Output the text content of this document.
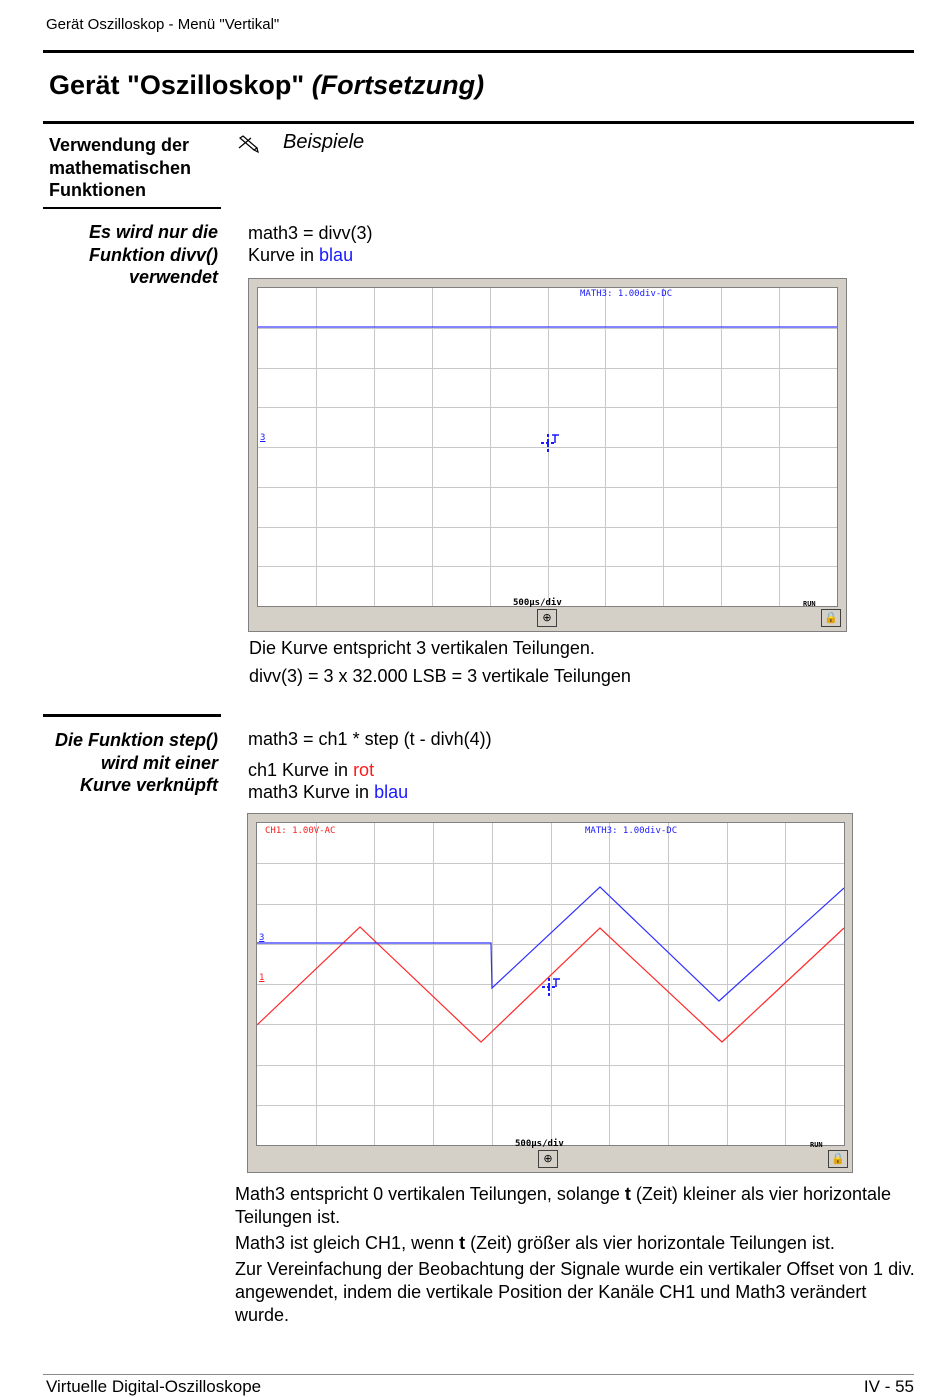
Gerät Oszilloskop - Menü "Vertikal"
Gerät "Oszilloskop" (Fortsetzung)
Verwendung der mathematischen Funktionen
Beispiele
Es wird nur die Funktion divv() verwendet
math3 = divv(3)
Kurve in blau
MATH3: 1.00div-DC
3
500µs/div	RUN
⊕	🔒
Die Kurve entspricht 3 vertikalen Teilungen.
divv(3) = 3 x 32.000 LSB = 3 vertikale Teilungen
Die Funktion step() wird mit einer Kurve verknüpft
math3 = ch1 * step (t - divh(4))
ch1 Kurve in rot
math3 Kurve in blau
CH1: 1.00V-AC	MATH3: 1.00div-DC
3
1
500µs/div	RUN
⊕	🔒
Math3 entspricht 0 vertikalen Teilungen, solange t (Zeit) kleiner als vier horizontale Teilungen ist.
Math3 ist gleich CH1, wenn t (Zeit) größer als vier horizontale Teilungen ist.
Zur Vereinfachung der Beobachtung der Signale wurde ein vertikaler Offset von 1 div. angewendet, indem die vertikale Position der Kanäle CH1 und Math3 verändert wurde.
Virtuelle Digital-Oszilloskope	IV - 55
